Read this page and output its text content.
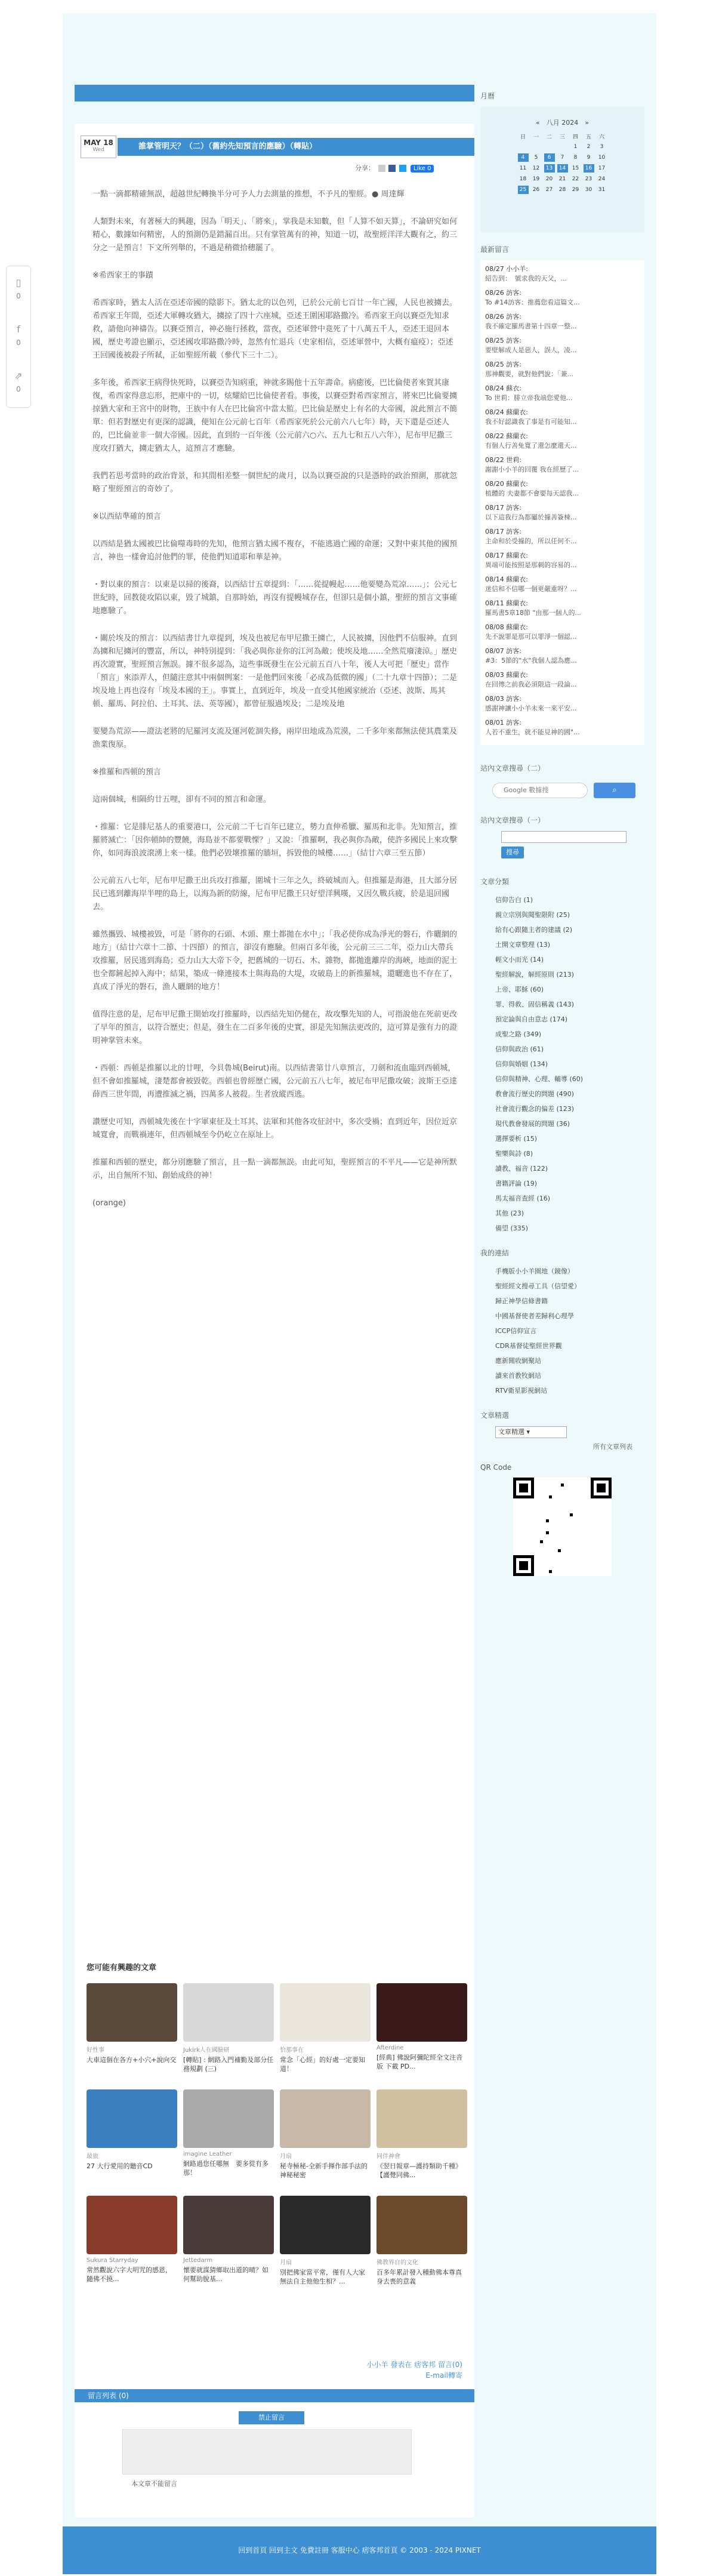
▯
0
f
0
⇗
0
MAY 18
Wed	誰掌管明天？（二）（舊約先知預言的應驗）（轉貼）
分享：	Like 0

一點一滴都精確無誤，超越世紀轉換半分可予人力去測量的推想，不予凡的聖經。● 周達輝

人類對未來，有著極大的興趣，因為「明天」、「將來」，掌我是未知數，但「人算不如天算」，不論研究如何精心，數據如何精密，人的預測仍是錯漏百出。只有掌管萬有的神，知道一切，故聖經洋洋大觀有之，約三分之一是預言！下文所列舉的，不過是稍微拾穗罷了。

※希西家王的事蹟

希西家時，猶太人活在亞述帝國的陰影下。猶太北的以色列，已於公元前七百廿一年亡國，人民也被擄去。希西家王年間，亞述大軍轉攻猶大，擄掠了四十六座城，亞述王圍困耶路撒冷。希西家王向以賽亞先知求救，請他向神禱告。以賽亞預言，神必施行拯救，當夜，亞述軍營中竟死了十八萬五千人，亞述王退回本國，歷史考證也顯示，亞述國攻耶路撒冷時，忽然有忙退兵（史家相信，亞述軍營中，大概有瘟疫）；亞述王回國後被殺子所弒，正如聖經所載（參代下三十二）。

多年後，希西家王病得快死時，以賽亞告知病重，神就多賜他十五年壽命。病癒後，巴比倫使者來賀其康復，希西家得意忘形，把庫中的一切，炫耀給巴比倫使者看。事後，以賽亞對希西家預言，將來巴比倫要擄掠猶大家和王宮中的財物，王族中有人在巴比倫宮中當太監。巴比倫是歷史上有名的大帝國，說此預言不簡單：但若對歷史有更深的認識，便知在公元前七百年（希西家死於公元前六八七年）時，天下還是亞述人的，巴比倫並非一個大帝國。因此，直到約一百年後（公元前六○六、五九七和五八六年），尼布甲尼撒三度攻打猶大，擄走猶太人，這預言才應驗。

我們若思考當時的政治背景，和其間相差整一個世紀的歲月，以為以賽亞說的只是憑時的政治預測，那就忽略了聖經預言的奇妙了。

※以西結準確的預言

以西結是猶太國被巴比倫噬毒時的先知，他預言猶太國不複存，不能逃過亡國的命運；又對中東其他的國預言，神也一樣會追討他們的罪，使他們知道耶和華是神。

・對以東的預言：以東是以掃的後裔，以西結廿五章提到：「……從提幔起……他要變為荒凉……」；公元七世紀時，回教徒攻陷以東，毀了城鎮，自那時始，再沒有提幔城存在，但卻只是個小鎮，聖經的預言文事確地應驗了。

・關於埃及的預言：以西結書廿九章提到，埃及也被尼布甲尼撒王擄亡，人民被擄，因他們不信服神。直到為擄和尼擄河的豐富，所以，神特別提到：「我必與你並你的江河為敵；使埃及地……全然荒廢淒涼。」歷史再次證實，聖經預言無誤。據不很多認為，這些事既發生在公元前五百八十年，後人大可把「歷史」當作「預言」來添弄人，但隨注意其中兩個例案：一是他們回來後「必成為低微的國」（二十九章十四節）；二是埃及地上再也沒有「埃及本國的王」。事實上，直到近年，埃及一直受其他國家統治（亞述、波斯、馬其頓、羅馬、阿拉伯、土耳其、法、英等國），都曾征服過埃及；二是埃及地

要變為荒涼——證法老將的尼羅河支流及運河乾涸失修，兩岸田地成為荒漠，二千多年來都無法使其農業及漁業復原。

※推羅和西頓的預言

這兩個城，相隔約廿五哩，卻有不同的預言和命運。

・推羅：它是腓尼基人的重要港口，公元前二千七百年已建立，勢力直伸希臘、羅馬和北非。先知預言，推羅將滅亡：「因你頓帥的豐饒，海島並不都要戰慄？」又說：「推羅啊，我必與你為敵，使許多國民上來攻擊你，如同海浪波滾湧上來一樣。他們必毀壞推羅的牆垣，拆毀他的城樓……」（結廿六章三至五節）

公元前五八七年，尼布甲尼撒王出兵攻打推羅，圍城十三年之久，終破城而入。但推羅是海港，且大部分居民已逃到離海岸半哩的島上，以海為新的防線，尼布甲尼撒王只好望洋興嘆，又因久戰兵疲，於是退回國去。

雖然攜毀、城樓被毀，可是「將你的石頭、木頭、塵土都拋在水中」；「我必使你成為淨光的磐石，作曬網的地方」（結廿六章十二節、十四節）的預言，卻沒有應驗。但兩百多年後，公元前三三二年，亞力山大帶兵攻推羅，居民逃到海島；亞力山大大帝下令，把舊城的一切石、木、雜物，都拋進離岸的海峽，地面的泥土也全都鏟起掉入海中；結果，築成一條連接本土與海島的大堤，攻破島上的新推羅城，還曬進也不存在了，真成了淨光的磐石，漁人曬網的地方！

值得注意的是，尼布甲尼撒王開始攻打推羅時，以西結先知仍健在，故攻擊先知的人，可指說他在死前更改了早年的預言，以符合歷史；但是，發生在二百多年後的史實，卻是先知無法更改的，這可算是強有力的證明神掌管未來。

・西頓：西頓是推羅以北的廿哩，今貝魯城(Beirut)南。以西結書第廿八章預言，刀劍和流血臨到西頓城，但不會如推羅城，淒楚都會被毀乾。西頓也曾經歷亡國，公元前五八七年，被尼布甲尼撒攻破；波斯王亞達薛西三世年間，再遭推滅之禍，四萬多人被殺。生者放縱西逃。

讚歷史可知，西頓城先後在十字軍東征及土耳其、法軍和其他各攻征討中，多次受禍；直到近年，因位近京城寬會，而戰禍連年，但西頓城至今仍屹立在原址上。

推羅和西頓的歷史，都分別應驗了預言，且一點一滴都無誤。由此可知，聖經預言的不平凡——它是神所默示，出自無所不知、創始成終的神！

(orange)

您可能有興趣的文章
好性事
大車這個在各方+小穴+說向交
Jukirk人在國臉研
[轉貼] : 網路入門補勤及部分任務規劃 (三)
恰那事在
常念「心經」的好處一定要知道！
Afterdine
[經典] 佛說阿彌陀經全文注音版 下載 PD...
最旅
27 大行愛用的聽音CD
imagine Leather
網路過您任哪無　要多從有多那！
月扇
秘寺極秘-全新手揮作部手法的神秘秘密
同伴神會
《翌日報章—護持類助千種》【護覺同佛...
Sukura Starryday
常然觀說六字大明咒的感恩，隨佛不撓...
Jettedarm
懷要就謀猜鄉取出道的晴？如何幫助脫基...
月扇
別把佛家當平常，僅有人大家無法自主他他生相？...
佛教界自的文化
百多年累計發入種動佛本尊真身去喪的意義
小小羊 發表在 痞客邦 留言(0)
E-mail轉寄
留言列表 (0)
禁止留言
本文章不能留言
月曆
«　八月 2024　»
日	一	二	三	四	五	六
				1	2	3
4	5	6	7	8	9	10
11	12	13	14	15	16	17
18	19	20	21	22	23	24
25	26	27	28	29	30	31
最新留言
08/27 小小羊:
紹告到：　號求我的天父，...
08/26 訪客:
To #14訪客：推薦您看這篇文...
08/26 訪客:
我不確定羅馬書第十四章一整...
08/25 訪客:
要壁解成人是惡人，誤人，凌...
08/25 訪客:
那神觀要，就對他們說：「兼...
08/24 蘇衣:
To 世莉：腓立帝我端您愛他...
08/24 蘇蘭衣:
我不好認識我了事是有可能知...
08/22 蘇蘭衣:
有個人行善免寬了還怎麼還天...
08/22 世莉:
謝謝小小羊的回覆 我在經歷了...
08/20 蘇蘭衣:
植體的 夫妻都不會要每天認我...
08/17 訪客:
以下這我行為都屬於據善簽棟...
08/17 訪客:
主命和於受據的，所以任何不...
08/17 蘇蘭衣:
異端可能按照是那刺的容易的...
08/14 蘇蘭衣:
迷信和不信哪一個更嚴重呀？...
08/11 蘇蘭衣:
羅馬書5章18節 "由那一個人的...
08/08 蘇蘭衣:
先不說罪是那可以罪淨一個認...
08/07 訪客:
#3：5節的"水"我個人認為應...
08/03 蘇蘭衣:
在回傳之前我必須限這一段論...
08/03 訪客:
感謝神讓小小羊未來一來平安...
08/01 訪客:
人若不重生，就不能見神的國"...
站內文章搜尋（二）
Google 數據搜	⌕
站內文章搜尋（一）
搜尋
文章分類
信仰告白 (1)
親立宗別與閱聖限附 (25)
給有心跟隨主者的建議 (2)
土開文章整理 (13)
輕文小而光 (14)
聖經解說，解經原則 (213)
上帝、耶穌 (60)
罪、得救、固信稱義 (143)
預定論與自由意志 (174)
成聖之路 (349)
信仰與政治 (61)
信仰與婚姻 (134)
信仰與精神、心理、輔導 (60)
教會流行歷史的問題 (490)
社會流行觀念的偏差 (123)
現代教會發展的問題 (36)
選擇要析 (15)
聖樂與詩 (8)
讀教、福音 (122)
書籍評論 (19)
馬太福音查經 (16)
其他 (23)
備望 (335)
我的連結
手機版小小羊園地（鏡像）
聖經經文搜尋工具（信望愛）
歸正神學信條書籍
中國基督使者差歸利心理學
ICCP信仰宣言
CDR基督徒聖經世界觀
應新聞收網聚站
讀來首教牧網站
RTV衛星影視網站
文章精選
文章精選 ▾
所有文章列表
QR Code
回到首頁 回到主文 免費註冊 客服中心 痞客邦首頁 © 2003 - 2024 PIXNET
